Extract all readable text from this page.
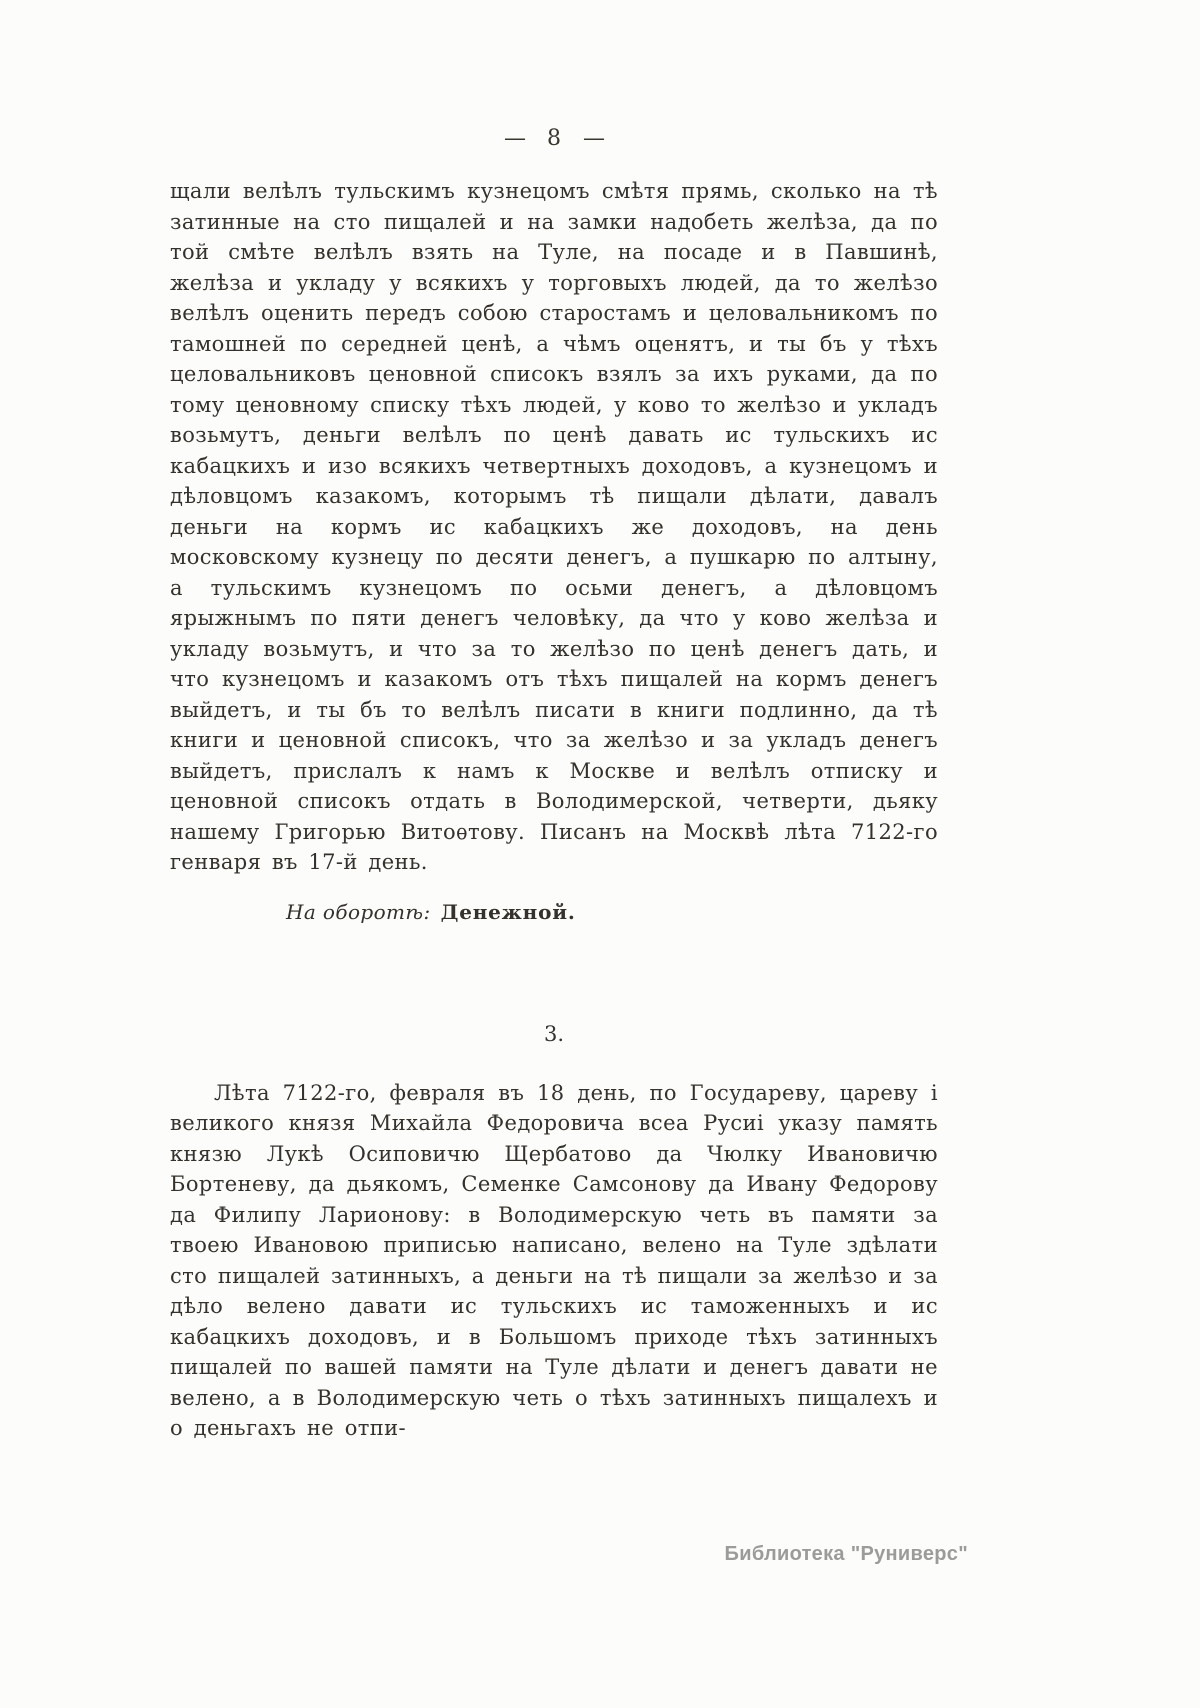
— 8 —

щали велѣлъ тульскимъ кузнецомъ смѣтя прямь, сколько на тѣ затинные на сто пищалей и на замки надобеть желѣза, да по той смѣте велѣлъ взять на Туле, на посаде и в Павшинѣ, желѣза и укладу у всякихъ у торговыхъ людей, да то желѣзо велѣлъ оценить передъ собою старостамъ и целовальникомъ по тамошней по середней ценѣ, а чѣмъ оценятъ, и ты бъ у тѣхъ целовальниковъ ценовной списокъ взялъ за ихъ руками, да по тому ценовному списку тѣхъ людей, у ково то желѣзо и укладъ возьмутъ, деньги велѣлъ по ценѣ давать ис тульскихъ ис кабацкихъ и изо всякихъ четвертныхъ доходовъ, а кузнецомъ и дѣловцомъ казакомъ, которымъ тѣ пищали дѣлати, давалъ деньги на кормъ ис кабацкихъ же доходовъ, на день московскому кузнецу по десяти денегъ, а пушкарю по алтыну, а тульскимъ кузнецомъ по осьми денегъ, а дѣловцомъ ярыжнымъ по пяти денегъ человѣку, да что у ково желѣза и укладу возьмутъ, и что за то желѣзо по ценѣ денегъ дать, и что кузнецомъ и казакомъ отъ тѣхъ пищалей на кормъ денегъ выйдетъ, и ты бъ то велѣлъ писати в книги подлинно, да тѣ книги и ценовной списокъ, что за желѣзо и за укладъ денегъ выйдетъ, прислалъ к намъ к Москве и велѣлъ отписку и ценовной списокъ отдать в Володимерской, четверти, дьяку нашему Григорью Витоѳтову. Писанъ на Москвѣ лѣта 7122-го генваря въ 17-й день.

На оборотѣ: Денежной.

3.

Лѣта 7122-го, февраля въ 18 день, по Государеву, цареву і великого князя Михайла Федоровича всеа Русиі указу память князю Лукѣ Осиповичю Щербатово да Чюлку Ивановичю Бортеневу, да дьякомъ, Семенке Самсонову да Ивану Федорову да Филипу Ларионову: в Володимерскую четь въ памяти за твоею Ивановою приписью написано, велено на Туле здѣлати сто пищалей затинныхъ, а деньги на тѣ пищали за желѣзо и за дѣло велено давати ис тульскихъ ис таможенныхъ и ис кабацкихъ доходовъ, и в Большомъ приходе тѣхъ затинныхъ пищалей по вашей памяти на Туле дѣлати и денегъ давати не велено, а в Володимерскую четь о тѣхъ затинныхъ пищалехъ и о деньгахъ не отпи-

Библиотека "Руниверс"
